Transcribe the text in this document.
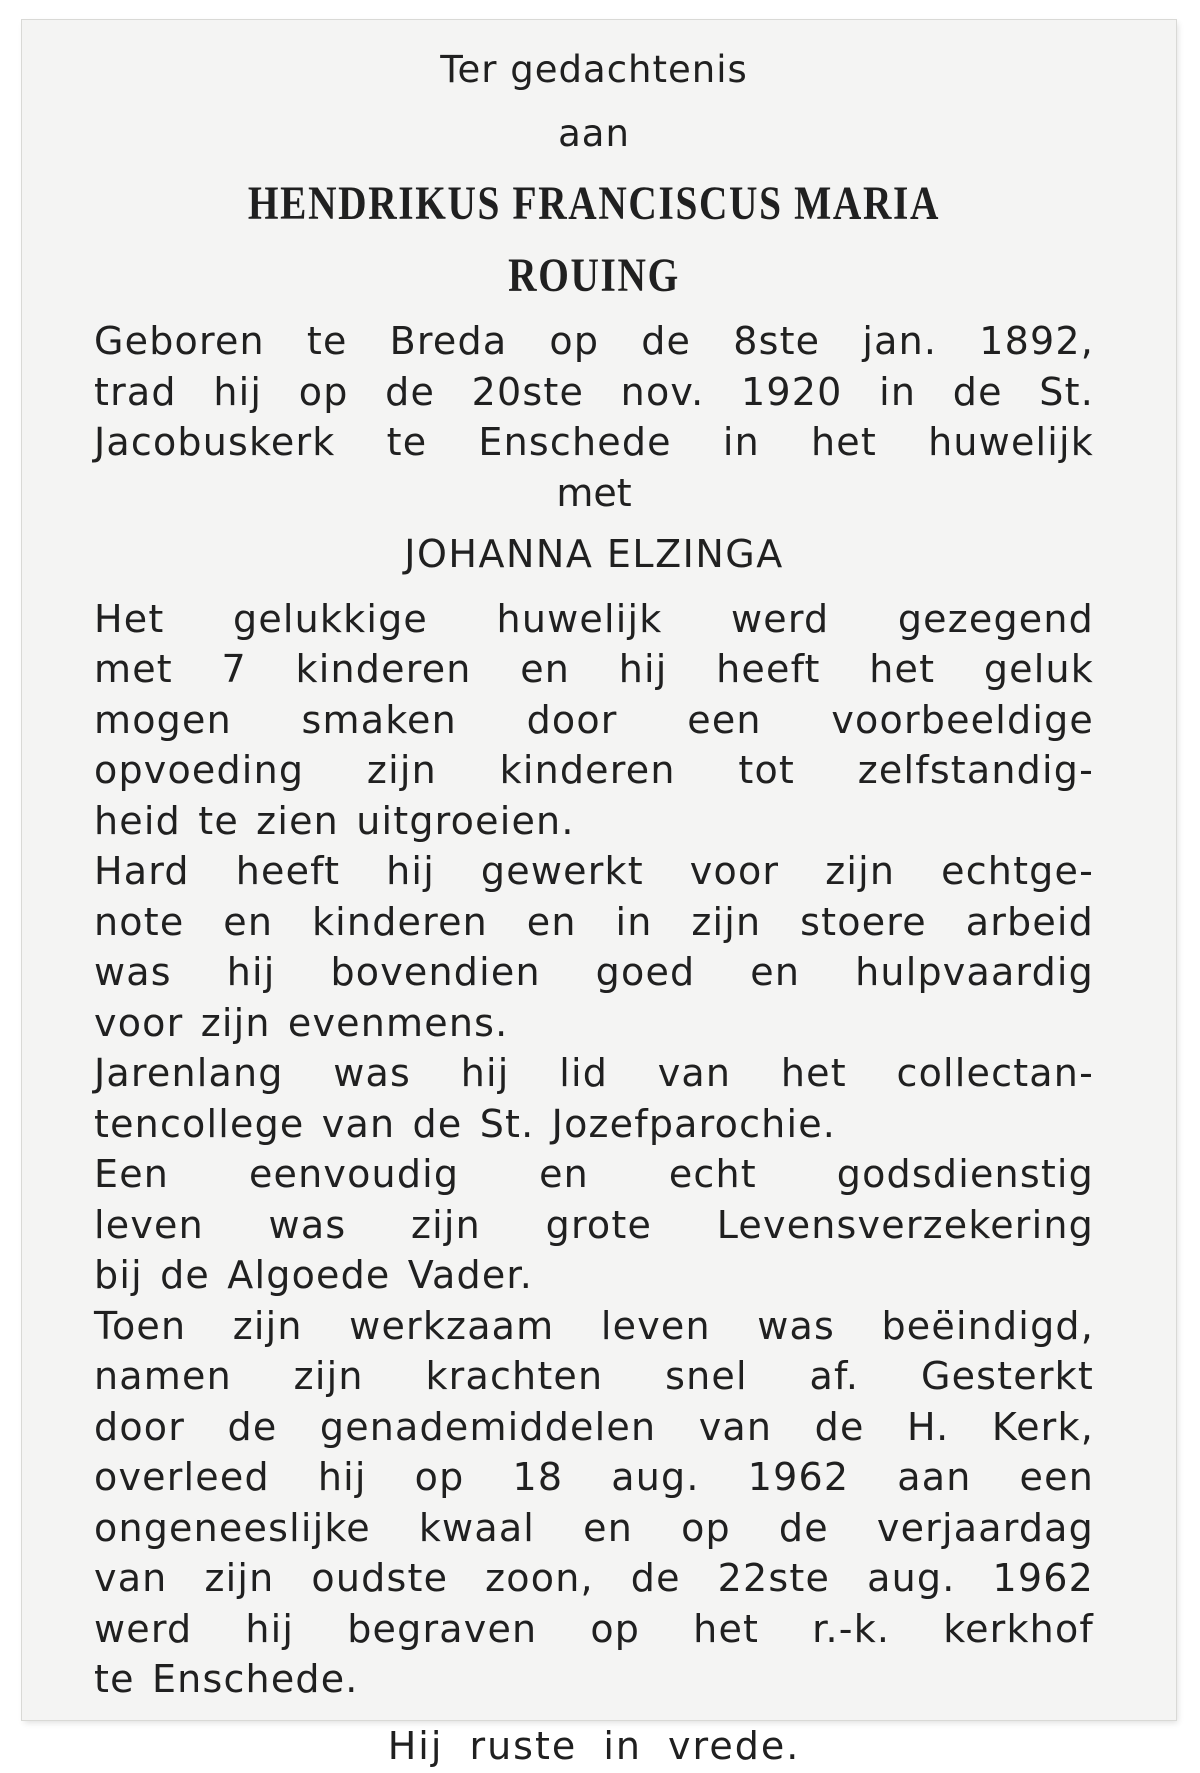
Ter gedachtenis
aan
HENDRIKUS FRANCISCUS MARIA ROUING
Geboren te Breda op de 8ste jan. 1892,
trad hij op de 20ste nov. 1920 in de St.
Jacobuskerk te Enschede in het huwelijk
met
JOHANNA ELZINGA
Het gelukkige huwelijk werd gezegend
met 7 kinderen en hij heeft het geluk
mogen smaken door een voorbeeldige
opvoeding zijn kinderen tot zelfstandig-
heid te zien uitgroeien.
Hard heeft hij gewerkt voor zijn echtge-
note en kinderen en in zijn stoere arbeid
was hij bovendien goed en hulpvaardig
voor zijn evenmens.
Jarenlang was hij lid van het collectan-
tencollege van de St. Jozefparochie.
Een eenvoudig en echt godsdienstig
leven was zijn grote Levensverzekering
bij de Algoede Vader.
Toen zijn werkzaam leven was beëindigd,
namen zijn krachten snel af. Gesterkt
door de genademiddelen van de H. Kerk,
overleed hij op 18 aug. 1962 aan een
ongeneeslijke kwaal en op de verjaardag
van zijn oudste zoon, de 22ste aug. 1962
werd hij begraven op het r.-k. kerkhof
te Enschede.
Hij ruste in vrede.
